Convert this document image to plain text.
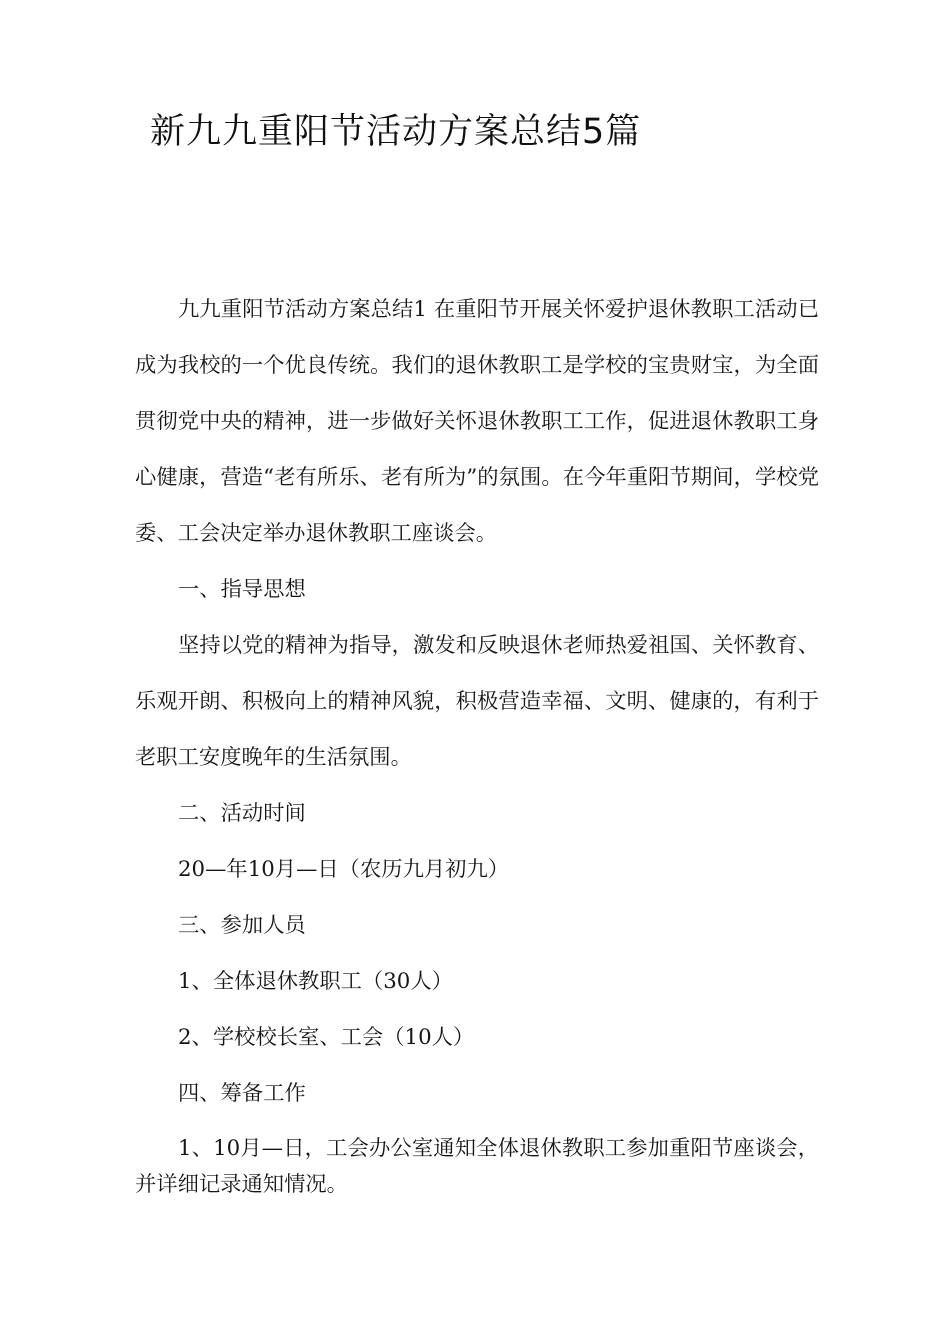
新九九重阳节活动方案总结5篇

九九重阳节活动方案总结1 在重阳节开展关怀爱护退休教职工活动已成为我校的一个优良传统。我们的退休教职工是学校的宝贵财宝，为全面贯彻党中央的精神，进一步做好关怀退休教职工工作，促进退休教职工身心健康，营造“老有所乐、老有所为”的氛围。在今年重阳节期间，学校党委、工会决定举办退休教职工座谈会。

一、指导思想

坚持以党的精神为指导，激发和反映退休老师热爱祖国、关怀教育、乐观开朗、积极向上的精神风貌，积极营造幸福、文明、健康的，有利于老职工安度晚年的生活氛围。

二、活动时间

20—年10月—日（农历九月初九）

三、参加人员

1、全体退休教职工（30人）

2、学校校长室、工会（10人）

四、筹备工作

1、10月—日，工会办公室通知全体退休教职工参加重阳节座谈会，并详细记录通知情况。
